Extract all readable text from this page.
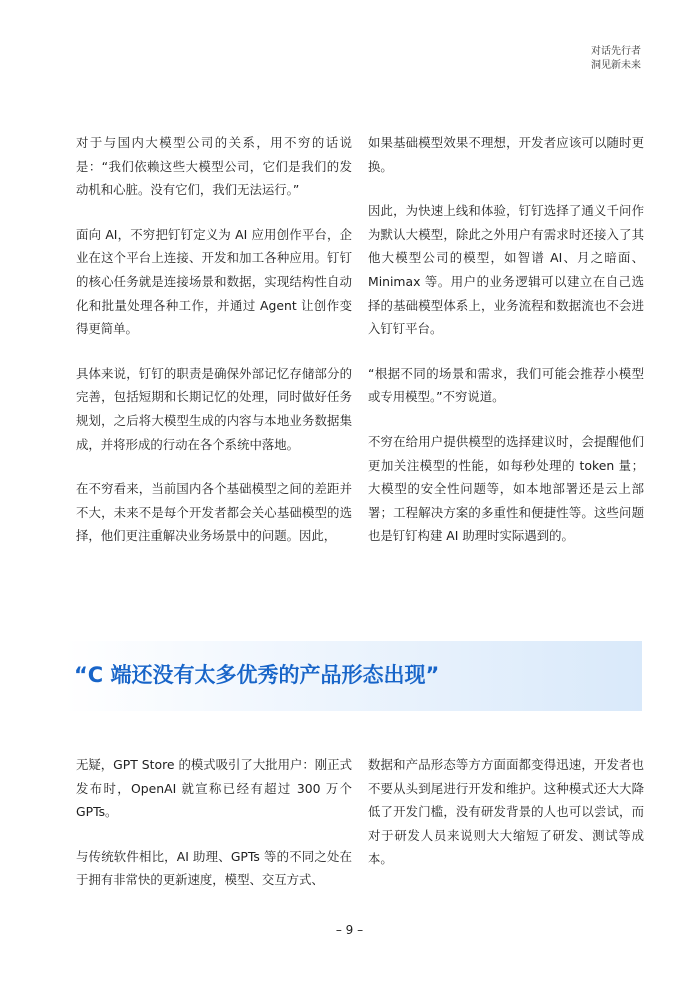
对话先行者
洞见新未来

对于与国内大模型公司的关系，用不穷的话说是：“我们依赖这些大模型公司，它们是我们的发动机和心脏。没有它们，我们无法运行。”

面向 AI，不穷把钉钉定义为 AI 应用创作平台，企业在这个平台上连接、开发和加工各种应用。钉钉的核心任务就是连接场景和数据，实现结构性自动化和批量处理各种工作，并通过 Agent 让创作变得更简单。

具体来说，钉钉的职责是确保外部记忆存储部分的完善，包括短期和长期记忆的处理，同时做好任务规划，之后将大模型生成的内容与本地业务数据集成，并将形成的行动在各个系统中落地。

在不穷看来，当前国内各个基础模型之间的差距并不大，未来不是每个开发者都会关心基础模型的选择，他们更注重解决业务场景中的问题。因此，

如果基础模型效果不理想，开发者应该可以随时更换。

因此，为快速上线和体验，钉钉选择了通义千问作为默认大模型，除此之外用户有需求时还接入了其他大模型公司的模型，如智谱 AI、月之暗面、Minimax 等。用户的业务逻辑可以建立在自己选择的基础模型体系上，业务流程和数据流也不会进入钉钉平台。

“根据不同的场景和需求，我们可能会推荐小模型或专用模型。”不穷说道。

不穷在给用户提供模型的选择建议时，会提醒他们更加关注模型的性能，如每秒处理的 token 量；大模型的安全性问题等，如本地部署还是云上部署；工程解决方案的多重性和便捷性等。这些问题也是钉钉构建 AI 助理时实际遇到的。

“C 端还没有太多优秀的产品形态出现”

无疑，GPT Store 的模式吸引了大批用户：刚正式发布时，OpenAI 就宣称已经有超过 300 万个 GPTs。

与传统软件相比，AI 助理、GPTs 等的不同之处在于拥有非常快的更新速度，模型、交互方式、

数据和产品形态等方方面面都变得迅速，开发者也不要从头到尾进行开发和维护。这种模式还大大降低了开发门槛，没有研发背景的人也可以尝试，而对于研发人员来说则大大缩短了研发、测试等成本。

– 9 –
